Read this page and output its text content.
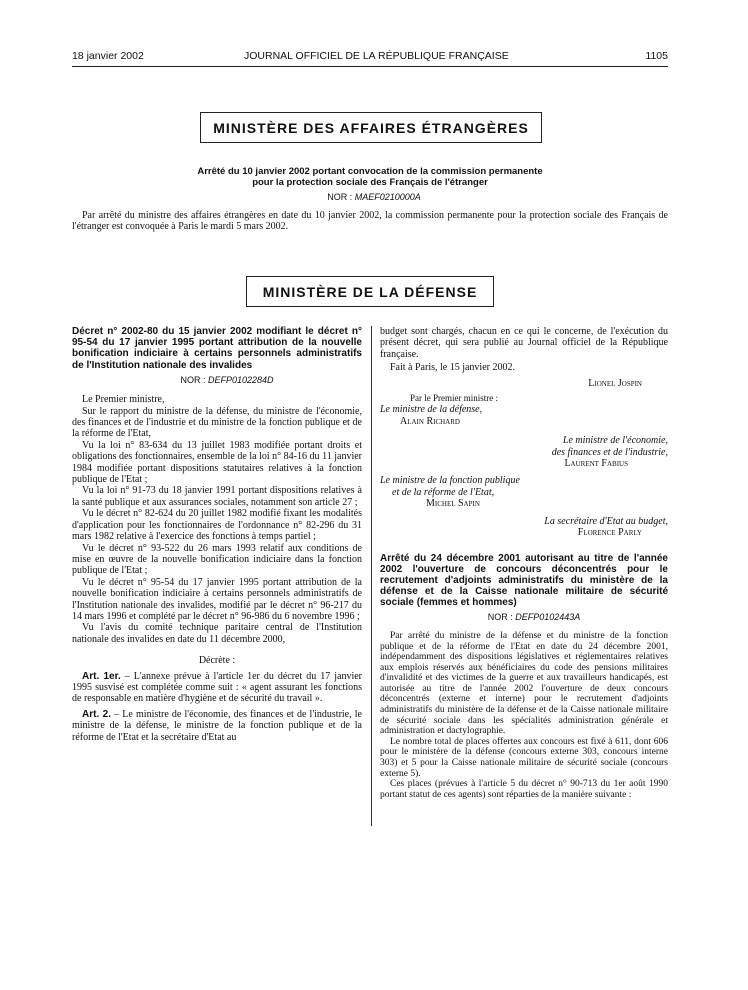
18 janvier 2002	JOURNAL OFFICIEL DE LA RÉPUBLIQUE FRANÇAISE	1105
MINISTÈRE DES AFFAIRES ÉTRANGÈRES
Arrêté du 10 janvier 2002 portant convocation de la commission permanente
pour la protection sociale des Français de l'étranger
NOR : MAEF0210000A

Par arrêté du ministre des affaires étrangères en date du 10 janvier 2002, la commission permanente pour la protection sociale des Français de l'étranger est convoquée à Paris le mardi 5 mars 2002.

MINISTÈRE DE LA DÉFENSE

Décret n° 2002-80 du 15 janvier 2002 modifiant le décret n° 95-54 du 17 janvier 1995 portant attribution de la nouvelle bonification indiciaire à certains personnels administratifs de l'Institution nationale des invalides

NOR : DEFP0102284D

Le Premier ministre,

Sur le rapport du ministre de la défense, du ministre de l'économie, des finances et de l'industrie et du ministre de la fonction publique et de la réforme de l'Etat,

Vu la loi n° 83-634 du 13 juillet 1983 modifiée portant droits et obligations des fonctionnaires, ensemble de la loi n° 84-16 du 11 janvier 1984 modifiée portant dispositions statutaires relatives à la fonction publique de l'Etat ;

Vu la loi n° 91-73 du 18 janvier 1991 portant dispositions relatives à la santé publique et aux assurances sociales, notamment son article 27 ;

Vu le décret n° 82-624 du 20 juillet 1982 modifié fixant les modalités d'application pour les fonctionnaires de l'ordonnance n° 82-296 du 31 mars 1982 relative à l'exercice des fonctions à temps partiel ;

Vu le décret n° 93-522 du 26 mars 1993 relatif aux conditions de mise en œuvre de la nouvelle bonification indiciaire dans la fonction publique de l'Etat ;

Vu le décret n° 95-54 du 17 janvier 1995 portant attribution de la nouvelle bonification indiciaire à certains personnels administratifs de l'Institution nationale des invalides, modifié par le décret n° 96-217 du 14 mars 1996 et complété par le décret n° 96-986 du 6 novembre 1996 ;

Vu l'avis du comité technique paritaire central de l'Institution nationale des invalides en date du 11 décembre 2000,

Décrète :

Art. 1er. – L'annexe prévue à l'article 1er du décret du 17 janvier 1995 susvisé est complétée comme suit : « agent assurant les fonctions de responsable en matière d'hygiène et de sécurité du travail ».

Art. 2. – Le ministre de l'économie, des finances et de l'industrie, le ministre de la défense, le ministre de la fonction publique et de la réforme de l'Etat et la secrétaire d'Etat au

budget sont chargés, chacun en ce qui le concerne, de l'exécution du présent décret, qui sera publié au Journal officiel de la République française.

Fait à Paris, le 15 janvier 2002.

Lionel Jospin

Par le Premier ministre :

Le ministre de la défense,

Alain Richard

Le ministre de l'économie,

des finances et de l'industrie,

Laurent Fabius

Le ministre de la fonction publique

et de la réforme de l'Etat,

Michel Sapin

La secrétaire d'Etat au budget,

Florence Parly

Arrêté du 24 décembre 2001 autorisant au titre de l'année 2002 l'ouverture de concours déconcentrés pour le recrutement d'adjoints administratifs du ministère de la défense et de la Caisse nationale militaire de sécurité sociale (femmes et hommes)

NOR : DEFP0102443A

Par arrêté du ministre de la défense et du ministre de la fonction publique et de la réforme de l'Etat en date du 24 décembre 2001, indépendamment des dispositions législatives et réglementaires relatives aux emplois réservés aux bénéficiaires du code des pensions militaires d'invalidité et des victimes de la guerre et aux travailleurs handicapés, est autorisée au titre de l'année 2002 l'ouverture de deux concours déconcentrés (externe et interne) pour le recrutement d'adjoints administratifs du ministère de la défense et de la Caisse nationale militaire de sécurité sociale dans les spécialités administration générale et administration et dactylographie.

Le nombre total de places offertes aux concours est fixé à 611, dont 606 pour le ministère de la défense (concours externe 303, concours interne 303) et 5 pour la Caisse nationale militaire de sécurité sociale (concours externe 5).

Ces places (prévues à l'article 5 du décret n° 90-713 du 1er août 1990 portant statut de ces agents) sont réparties de la manière suivante :
